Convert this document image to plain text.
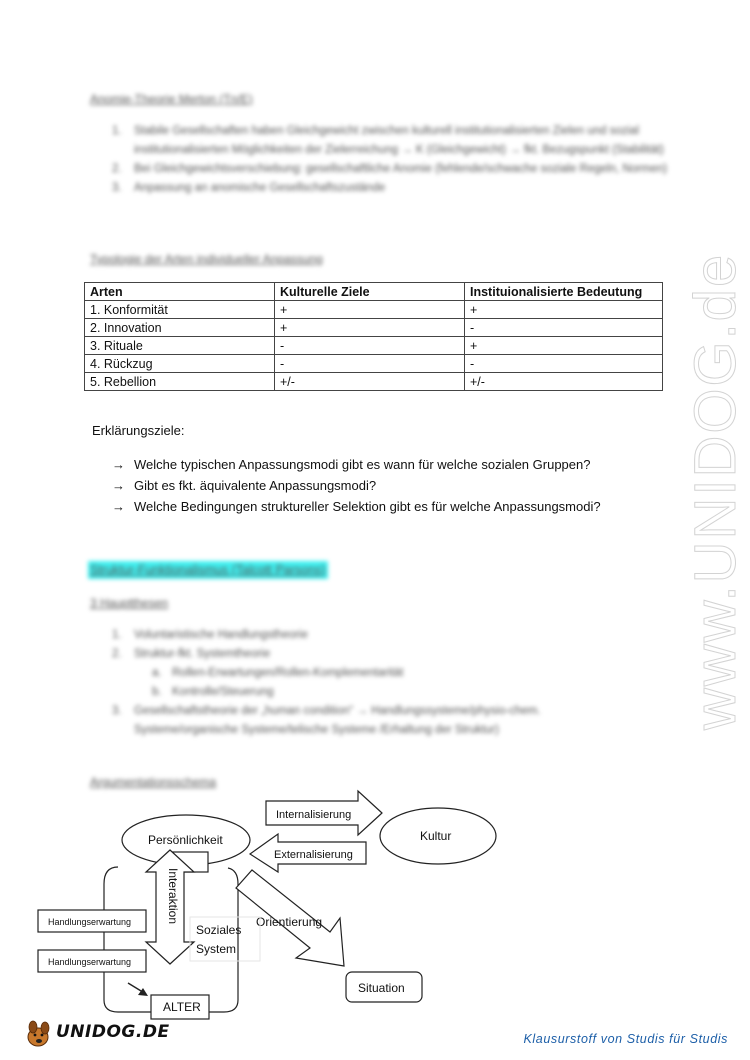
Anomie-Theorie Merton (Tn/E)
1. Stabile Gesellschaften haben Gleichgewicht zwischen kulturell institutionalisierten Zielen und sozial institutionalisierten Möglichkeiten der Zielerreichung → K (Gleichgewicht) → fkt. Bezugspunkt (Stabilität)
2. Bei Gleichgewichtsverschiebung: gesellschaftliche Anomie (fehlende/schwache soziale Regeln, Normen)
3. Anpassung an anomische Gesellschaftszustände
Typologie der Arten individueller Anpassung
Arten	Kulturelle Ziele	Instituionalisierte Bedeutung
1. Konformität	+	+
2. Innovation	+	-
3. Rituale	-	+
4. Rückzug	-	-
5. Rebellion	+/-	+/-
Erklärungsziele:
→ Welche typischen Anpassungsmodi gibt es wann für welche sozialen Gruppen?
→ Gibt es fkt. äquivalente Anpassungsmodi?
→ Welche Bedingungen struktureller Selektion gibt es für welche Anpassungsmodi?
Struktur-Funktionalismus (Talcott Parsons)
3 Hauptthesen
1. Voluntaristische Handlungstheorie
2. Struktur-fkt. Systemtheorie
a. Rollen-Erwartungen/Rollen-Komplementarität
b. Kontrolle/Steuerung
3. Gesellschaftstheorie der „human condition“ → Handlungssysteme/physio-chem. Systeme/organische Systeme/telische Systeme /Erhaltung der Struktur)
Argumentationsschema
www.UNIDOG.de
Internalisierung
Externalisierung
Persönlichkeit	Kultur
Orientierung
Interaktion
Soziales
System
Handlungserwartung
Handlungserwartung
ALTER
Situation
UNIDOG.DE	Klausurstoff von Studis für Studis
